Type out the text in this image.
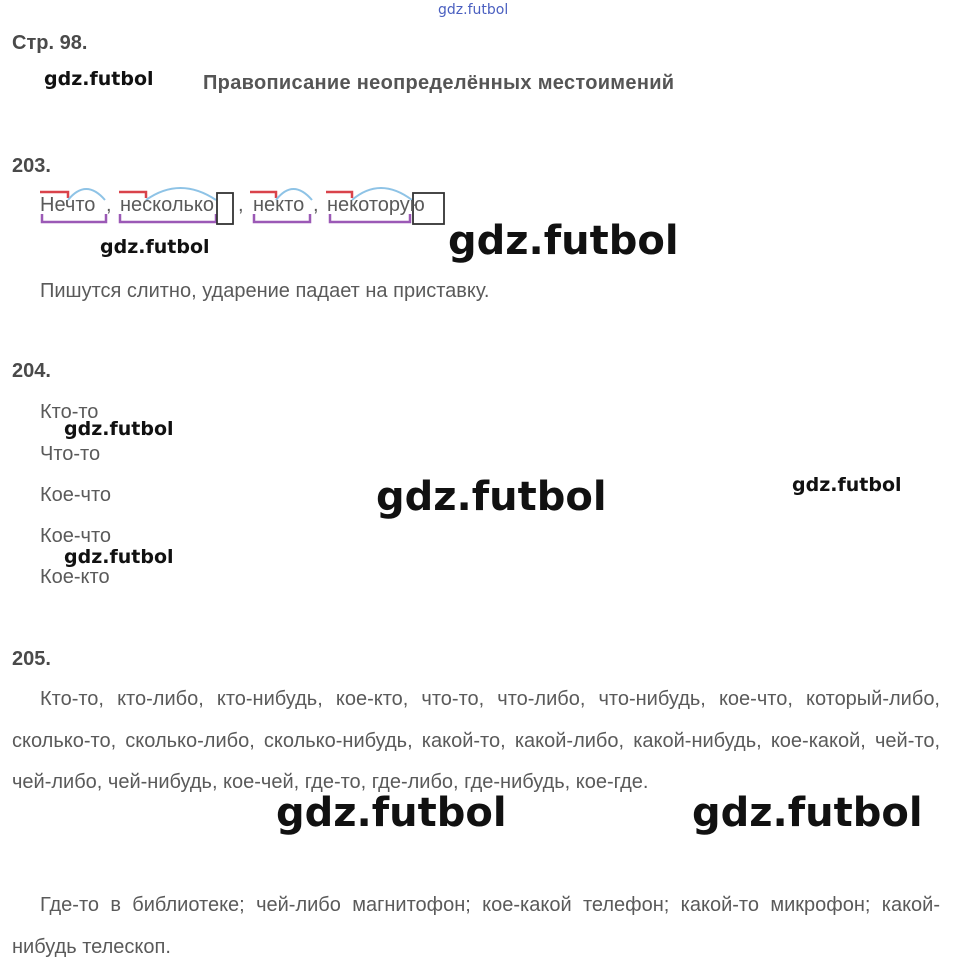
gdz.futbol
Стр. 98.
gdz.futbol Правописание неопределённых местоимений
203.
Нечто , несколько , некто , некоторую
gdz.futbol	gdz.futbol
Пишутся слитно, ударение падает на приставку.
204.
Кто-то
Что-то
Кое-что
Кое-что
Кое-кто
gdz.futbol
gdz.futbol
gdz.futbol	gdz.futbol
205.
Кто-то, кто-либо, кто-нибудь, кое-кто, что-то, что-либо, что-нибудь, кое-что, который-либо, сколько-то, сколько-либо, сколько-нибудь, какой-то, какой-либо, какой-нибудь, кое-какой, чей-то, чей-либо, чей-нибудь, кое-чей, где-то, где-либо, где-нибудь, кое-где.
gdz.futbol	gdz.futbol
Где-то в библиотеке; чей-либо магнитофон; кое-какой телефон; какой-то микрофон; какой-нибудь телескоп.
